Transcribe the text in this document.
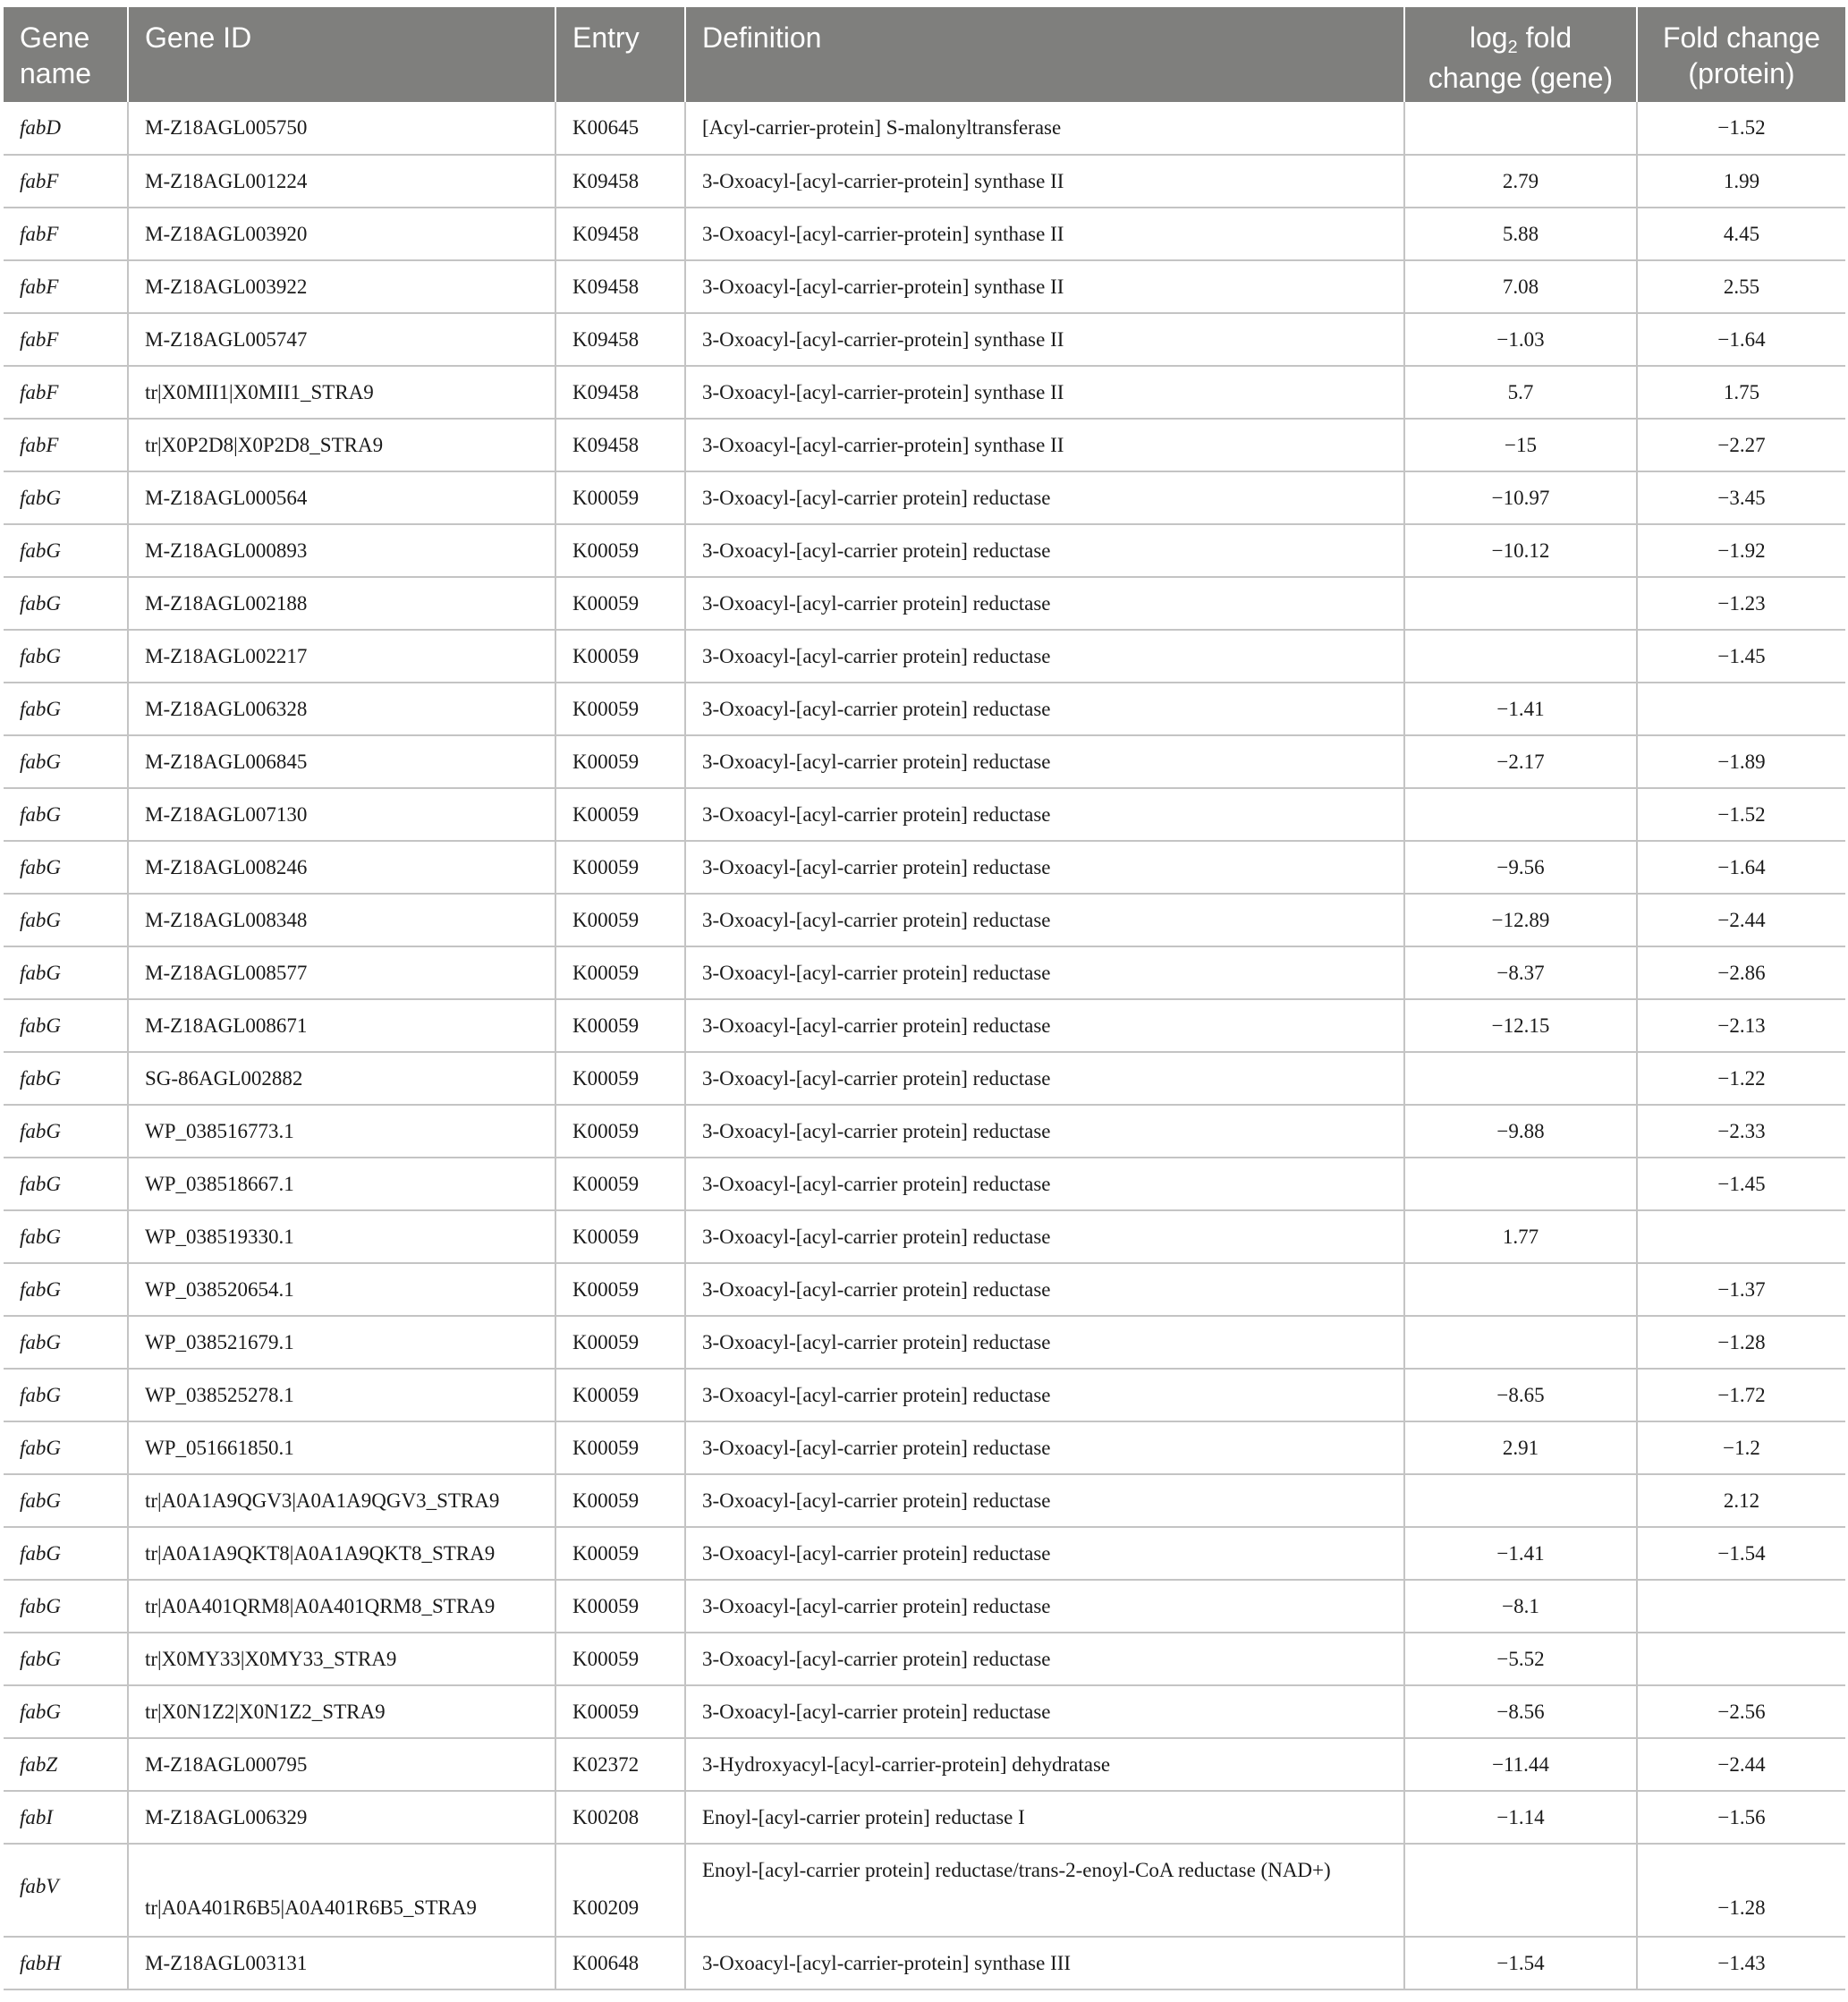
Gene name	Gene ID	Entry	Definition	$\log_2$ fold change (gene)	Fold change (protein)
fabD	M-Z18AGL005750	K00645	[Acyl-carrier-protein] S-malonyltransferase		−1.52
fabF	M-Z18AGL001224	K09458	3-Oxoacyl-[acyl-carrier-protein] synthase II	2.79	1.99
fabF	M-Z18AGL003920	K09458	3-Oxoacyl-[acyl-carrier-protein] synthase II	5.88	4.45
fabF	M-Z18AGL003922	K09458	3-Oxoacyl-[acyl-carrier-protein] synthase II	7.08	2.55
fabF	M-Z18AGL005747	K09458	3-Oxoacyl-[acyl-carrier-protein] synthase II	−1.03	−1.64
fabF	tr|X0MII1|X0MII1_STRA9	K09458	3-Oxoacyl-[acyl-carrier-protein] synthase II	5.7	1.75
fabF	tr|X0P2D8|X0P2D8_STRA9	K09458	3-Oxoacyl-[acyl-carrier-protein] synthase II	−15	−2.27
fabG	M-Z18AGL000564	K00059	3-Oxoacyl-[acyl-carrier protein] reductase	−10.97	−3.45
fabG	M-Z18AGL000893	K00059	3-Oxoacyl-[acyl-carrier protein] reductase	−10.12	−1.92
fabG	M-Z18AGL002188	K00059	3-Oxoacyl-[acyl-carrier protein] reductase		−1.23
fabG	M-Z18AGL002217	K00059	3-Oxoacyl-[acyl-carrier protein] reductase		−1.45
fabG	M-Z18AGL006328	K00059	3-Oxoacyl-[acyl-carrier protein] reductase	−1.41	
fabG	M-Z18AGL006845	K00059	3-Oxoacyl-[acyl-carrier protein] reductase	−2.17	−1.89
fabG	M-Z18AGL007130	K00059	3-Oxoacyl-[acyl-carrier protein] reductase		−1.52
fabG	M-Z18AGL008246	K00059	3-Oxoacyl-[acyl-carrier protein] reductase	−9.56	−1.64
fabG	M-Z18AGL008348	K00059	3-Oxoacyl-[acyl-carrier protein] reductase	−12.89	−2.44
fabG	M-Z18AGL008577	K00059	3-Oxoacyl-[acyl-carrier protein] reductase	−8.37	−2.86
fabG	M-Z18AGL008671	K00059	3-Oxoacyl-[acyl-carrier protein] reductase	−12.15	−2.13
fabG	SG-86AGL002882	K00059	3-Oxoacyl-[acyl-carrier protein] reductase		−1.22
fabG	WP_038516773.1	K00059	3-Oxoacyl-[acyl-carrier protein] reductase	−9.88	−2.33
fabG	WP_038518667.1	K00059	3-Oxoacyl-[acyl-carrier protein] reductase		−1.45
fabG	WP_038519330.1	K00059	3-Oxoacyl-[acyl-carrier protein] reductase	1.77	
fabG	WP_038520654.1	K00059	3-Oxoacyl-[acyl-carrier protein] reductase		−1.37
fabG	WP_038521679.1	K00059	3-Oxoacyl-[acyl-carrier protein] reductase		−1.28
fabG	WP_038525278.1	K00059	3-Oxoacyl-[acyl-carrier protein] reductase	−8.65	−1.72
fabG	WP_051661850.1	K00059	3-Oxoacyl-[acyl-carrier protein] reductase	2.91	−1.2
fabG	tr|A0A1A9QGV3|A0A1A9QGV3_STRA9	K00059	3-Oxoacyl-[acyl-carrier protein] reductase		2.12
fabG	tr|A0A1A9QKT8|A0A1A9QKT8_STRA9	K00059	3-Oxoacyl-[acyl-carrier protein] reductase	−1.41	−1.54
fabG	tr|A0A401QRM8|A0A401QRM8_STRA9	K00059	3-Oxoacyl-[acyl-carrier protein] reductase	−8.1	
fabG	tr|X0MY33|X0MY33_STRA9	K00059	3-Oxoacyl-[acyl-carrier protein] reductase	−5.52	
fabG	tr|X0N1Z2|X0N1Z2_STRA9	K00059	3-Oxoacyl-[acyl-carrier protein] reductase	−8.56	−2.56
fabZ	M-Z18AGL000795	K02372	3-Hydroxyacyl-[acyl-carrier-protein] dehydratase	−11.44	−2.44
fabI	M-Z18AGL006329	K00208	Enoyl-[acyl-carrier protein] reductase I	−1.14	−1.56
fabV	tr|A0A401R6B5|A0A401R6B5_STRA9	K00209	Enoyl-[acyl-carrier protein] reductase/trans-2-enoyl-CoA reductase (NAD+)		−1.28
fabH	M-Z18AGL003131	K00648	3-Oxoacyl-[acyl-carrier-protein] synthase III	−1.54	−1.43
